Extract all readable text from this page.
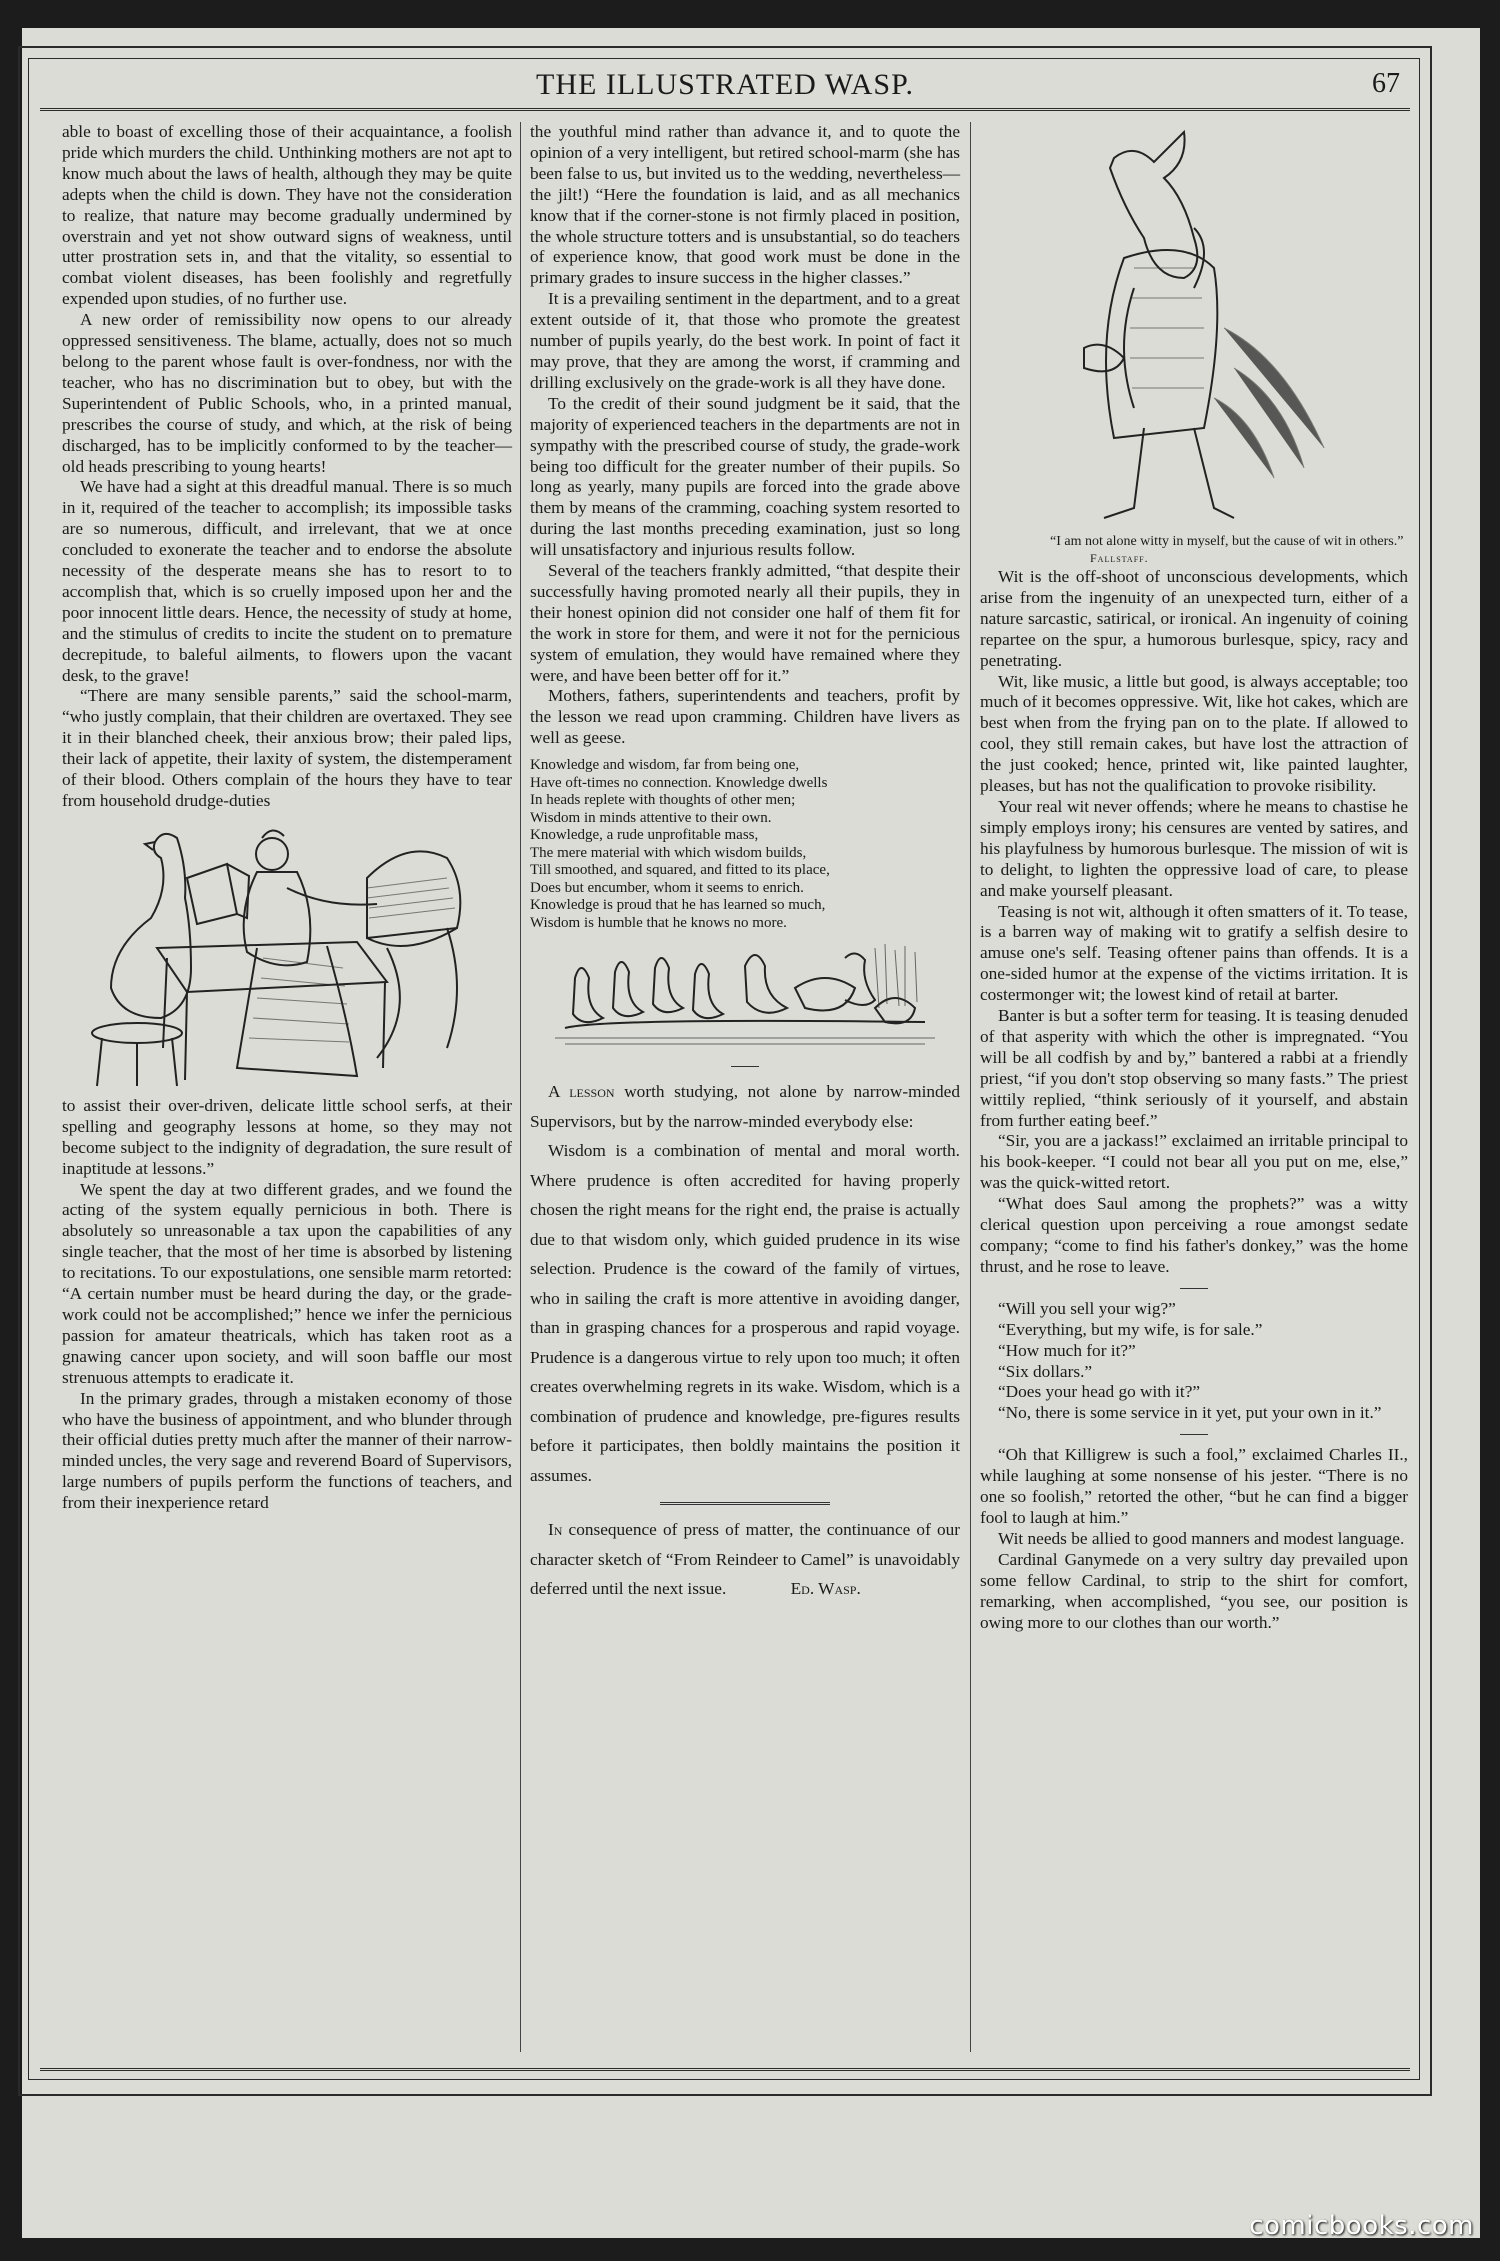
THE ILLUSTRATED WASP.	67

able to boast of excelling those of their acquaintance, a foolish pride which murders the child. Unthinking mothers are not apt to know much about the laws of health, although they may be quite adepts when the child is down. They have not the consideration to realize, that nature may become gradually undermined by overstrain and yet not show outward signs of weakness, until utter prostration sets in, and that the vitality, so essential to combat violent diseases, has been foolishly and regretfully expended upon studies, of no further use.

A new order of remissibility now opens to our already oppressed sensitiveness. The blame, actually, does not so much belong to the parent whose fault is over-fondness, nor with the teacher, who has no discrimination but to obey, but with the Superintendent of Public Schools, who, in a printed manual, prescribes the course of study, and which, at the risk of being discharged, has to be implicitly conformed to by the teacher—old heads prescribing to young hearts!

We have had a sight at this dreadful manual. There is so much in it, required of the teacher to accomplish; its impossible tasks are so numerous, difficult, and irrelevant, that we at once concluded to exonerate the teacher and to endorse the absolute necessity of the desperate means she has to resort to to accomplish that, which is so cruelly imposed upon her and the poor innocent little dears. Hence, the necessity of study at home, and the stimulus of credits to incite the student on to premature decrepitude, to baleful ailments, to flowers upon the vacant desk, to the grave!

“There are many sensible parents,” said the school-marm, “who justly complain, that their children are overtaxed. They see it in their blanched cheek, their anxious brow; their paled lips, their lack of appetite, their laxity of system, the distemperament of their blood. Others complain of the hours they have to tear from household drudge-duties

to assist their over-driven, delicate little school serfs, at their spelling and geography lessons at home, so they may not become subject to the indignity of degradation, the sure result of inaptitude at lessons.”

We spent the day at two different grades, and we found the acting of the system equally pernicious in both. There is absolutely so unreasonable a tax upon the capabilities of any single teacher, that the most of her time is absorbed by listening to recitations. To our expostulations, one sensible marm retorted: “A certain number must be heard during the day, or the grade-work could not be accomplished;” hence we infer the pernicious passion for amateur theatricals, which has taken root as a gnawing cancer upon society, and will soon baffle our most strenuous attempts to eradicate it.

In the primary grades, through a mistaken economy of those who have the business of appointment, and who blunder through their official duties pretty much after the manner of their narrow-minded uncles, the very sage and reverend Board of Supervisors, large numbers of pupils perform the functions of teachers, and from their inexperience retard

the youthful mind rather than advance it, and to quote the opinion of a very intelligent, but retired school-marm (she has been false to us, but invited us to the wedding, nevertheless—the jilt!) “Here the foundation is laid, and as all mechanics know that if the corner-stone is not firmly placed in position, the whole structure totters and is unsubstantial, so do teachers of experience know, that good work must be done in the primary grades to insure success in the higher classes.”

It is a prevailing sentiment in the department, and to a great extent outside of it, that those who promote the greatest number of pupils yearly, do the best work. In point of fact it may prove, that they are among the worst, if cramming and drilling exclusively on the grade-work is all they have done.

To the credit of their sound judgment be it said, that the majority of experienced teachers in the departments are not in sympathy with the prescribed course of study, the grade-work being too difficult for the greater number of their pupils. So long as yearly, many pupils are forced into the grade above them by means of the cramming, coaching system resorted to during the last months preceding examination, just so long will unsatisfactory and injurious results follow.

Several of the teachers frankly admitted, “that despite their successfully having promoted nearly all their pupils, they in their honest opinion did not consider one half of them fit for the work in store for them, and were it not for the pernicious system of emulation, they would have remained where they were, and have been better off for it.”

Mothers, fathers, superintendents and teachers, profit by the lesson we read upon cramming. Children have livers as well as geese.

Knowledge and wisdom, far from being one,
Have oft-times no connection. Knowledge dwells
In heads replete with thoughts of other men;
Wisdom in minds attentive to their own.
Knowledge, a rude unprofitable mass,
The mere material with which wisdom builds,
Till smoothed, and squared, and fitted to its place,
Does but encumber, whom it seems to enrich.
Knowledge is proud that he has learned so much,
Wisdom is humble that he knows no more.

A lesson worth studying, not alone by narrow-minded Supervisors, but by the narrow-minded everybody else:

Wisdom is a combination of mental and moral worth. Where prudence is often accredited for having properly chosen the right means for the right end, the praise is actually due to that wisdom only, which guided prudence in its wise selection. Prudence is the coward of the family of virtues, who in sailing the craft is more attentive in avoiding danger, than in grasping chances for a prosperous and rapid voyage. Prudence is a dangerous virtue to rely upon too much; it often creates overwhelming regrets in its wake. Wisdom, which is a combination of prudence and knowledge, pre-figures results before it participates, then boldly maintains the position it assumes.

In consequence of press of matter, the continuance of our character sketch of “From Reindeer to Camel” is unavoidably deferred until the next issue.	Ed. Wasp.

“I am not alone witty in myself, but the cause of wit in others.” Fallstaff.

Wit is the off-shoot of unconscious developments, which arise from the ingenuity of an unexpected turn, either of a nature sarcastic, satirical, or ironical. An ingenuity of coining repartee on the spur, a humorous burlesque, spicy, racy and penetrating.

Wit, like music, a little but good, is always acceptable; too much of it becomes oppressive. Wit, like hot cakes, which are best when from the frying pan on to the plate. If allowed to cool, they still remain cakes, but have lost the attraction of the just cooked; hence, printed wit, like painted laughter, pleases, but has not the qualification to provoke risibility.

Your real wit never offends; where he means to chastise he simply employs irony; his censures are vented by satires, and his playfulness by humorous burlesque. The mission of wit is to delight, to lighten the oppressive load of care, to please and make yourself pleasant.

Teasing is not wit, although it often smatters of it. To tease, is a barren way of making wit to gratify a selfish desire to amuse one's self. Teasing oftener pains than offends. It is a one-sided humor at the expense of the victims irritation. It is costermonger wit; the lowest kind of retail at barter.

Banter is but a softer term for teasing. It is teasing denuded of that asperity with which the other is impregnated. “You will be all codfish by and by,” bantered a rabbi at a friendly priest, “if you don't stop observing so many fasts.” The priest wittily replied, “think seriously of it yourself, and abstain from further eating beef.”

“Sir, you are a jackass!” exclaimed an irritable principal to his book-keeper. “I could not bear all you put on me, else,” was the quick-witted retort.

“What does Saul among the prophets?” was a witty clerical question upon perceiving a roue amongst sedate company; “come to find his father's donkey,” was the home thrust, and he rose to leave.

“Will you sell your wig?”

“Everything, but my wife, is for sale.”

“How much for it?”

“Six dollars.”

“Does your head go with it?”

“No, there is some service in it yet, put your own in it.”

“Oh that Killigrew is such a fool,” exclaimed Charles II., while laughing at some nonsense of his jester. “There is no one so foolish,” retorted the other, “but he can find a bigger fool to laugh at him.”

Wit needs be allied to good manners and modest language.

Cardinal Ganymede on a very sultry day prevailed upon some fellow Cardinal, to strip to the shirt for comfort, remarking, when accomplished, “you see, our position is owing more to our clothes than our worth.”

comicbooks.com
